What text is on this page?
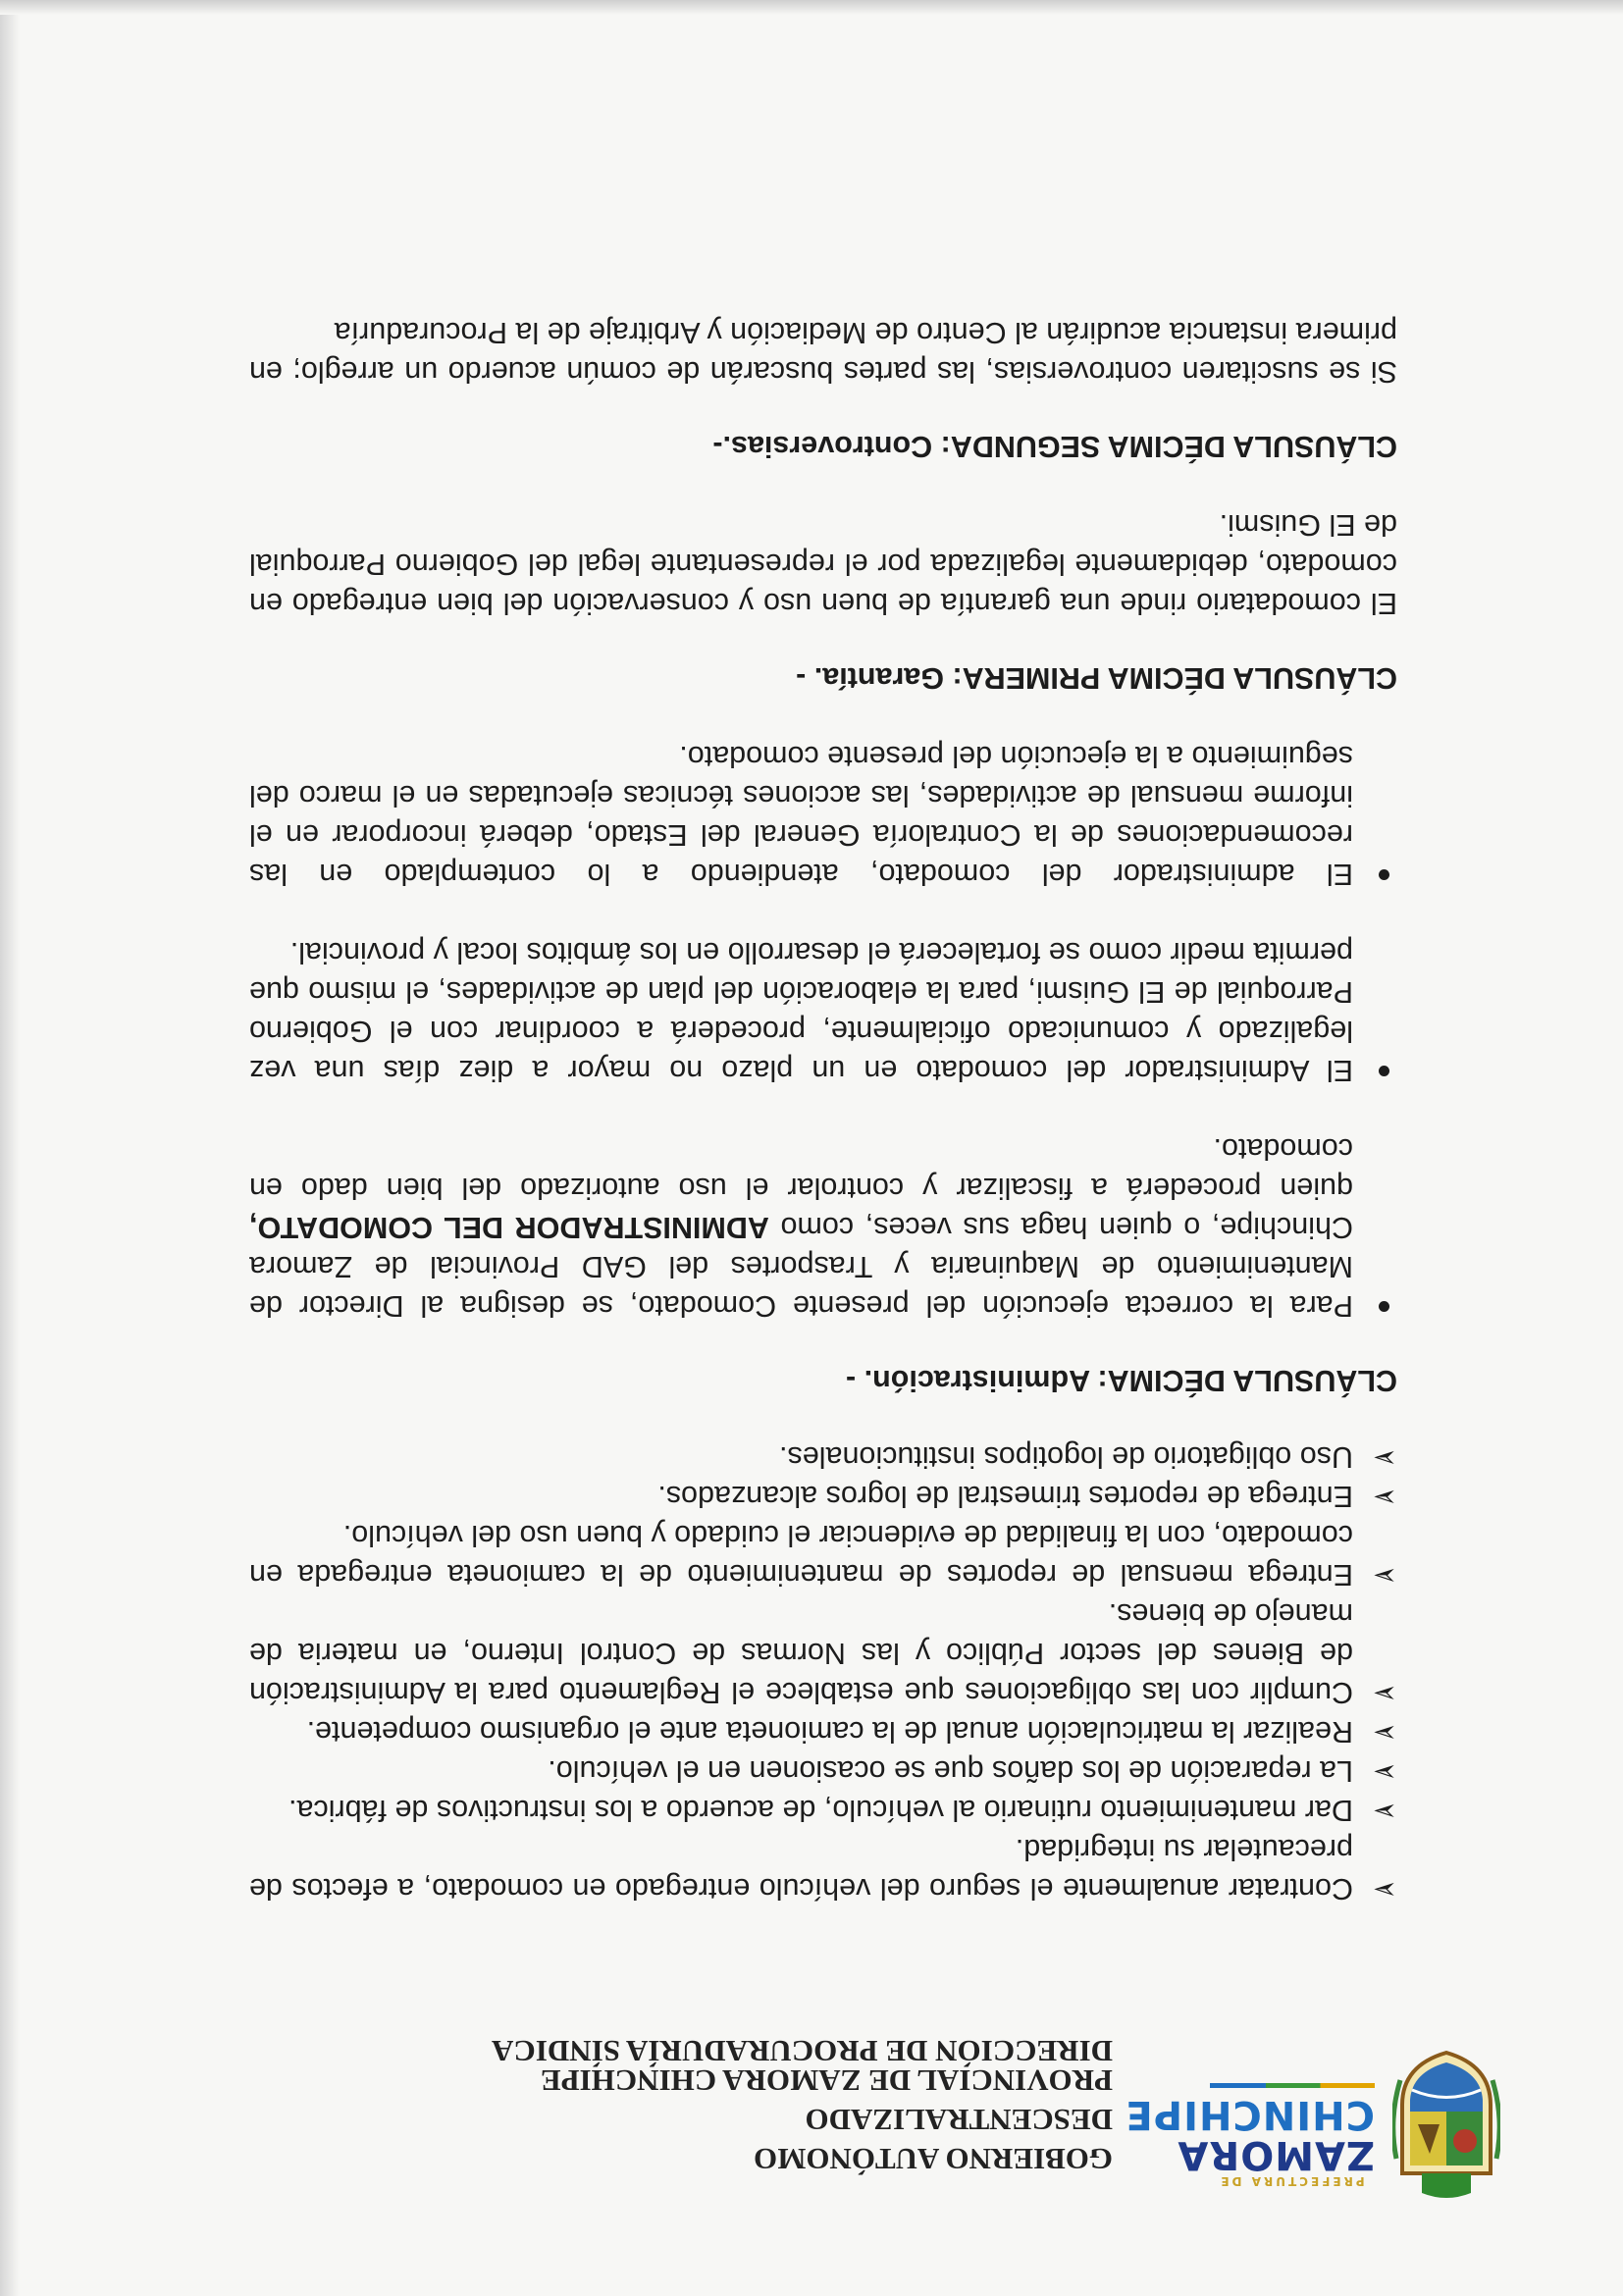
PREFECTURA DE
ZAMORA
CHINCHIPE
GOBIERNO AUTÓNOMO DESCENTRALIZADO
PROVINCIAL DE ZAMORA CHINCHIPE
DIRECCIÓN DE PROCURADURÍA SÍNDICA
➢
Contratar anualmente el seguro del vehículo entregado en comodato, a efectos de precautelar su integridad.
➢
Dar mantenimiento rutinario al vehículo, de acuerdo a los instructivos de fábrica.
➢
La reparación de los daños que se ocasionen en el vehículo.
➢
Realizar la matriculación anual de la camioneta ante el organismo competente.
➢
Cumplir con las obligaciones que establece el Reglamento para la Administración de Bienes del sector Público y las Normas de Control Interno, en materia de manejo de bienes.
➢
Entrega mensual de reportes de mantenimiento de la camioneta entregada en comodato, con la finalidad de evidenciar el cuidado y buen uso del vehículo.
➢
Entrega de reportes trimestral de logros alcanzados.
➢
Uso obligatorio de logotipos institucionales.

CLÁUSULA DÉCIMA: Administración. -

Para la correcta ejecución del presente Comodato, se designa al Director de Mantenimiento de Maquinaria y Trasportes del GAD Provincial de Zamora Chinchipe, o quien haga sus veces, como ADMINISTRADOR DEL COMODATO, quien procederá a fiscalizar y controlar el uso autorizado del bien dado en comodato.
El Administrador del comodato en un plazo no mayor a diez días una vez legalizado y comunicado oficialmente, procederá a coordinar con el Gobierno Parroquial de El Guismi, para la elaboración del plan de actividades, el mismo que permita medir como se fortalecerá el desarrollo en los ámbitos local y provincial.
El administrador del comodato, atendiendo a lo contemplado en las recomendaciones de la Contraloría General del Estado, deberá incorporar en el informe mensual de actividades, las acciones técnicas ejecutadas en el marco del seguimiento a la ejecución del presente comodato.

CLÁUSULA DÉCIMA PRIMERA: Garantía. -

El comodatario rinde una garantía de buen uso y conservación del bien entregado en comodato, debidamente legalizada por el representante legal del Gobierno Parroquial de El Guismi.

CLÁUSULA DÉCIMA SEGUNDA: Controversias.-

Si se suscitaren controversias, las partes buscarán de común acuerdo un arreglo; en primera instancia acudirán al Centro de Mediación y Arbitraje de la Procuraduría
